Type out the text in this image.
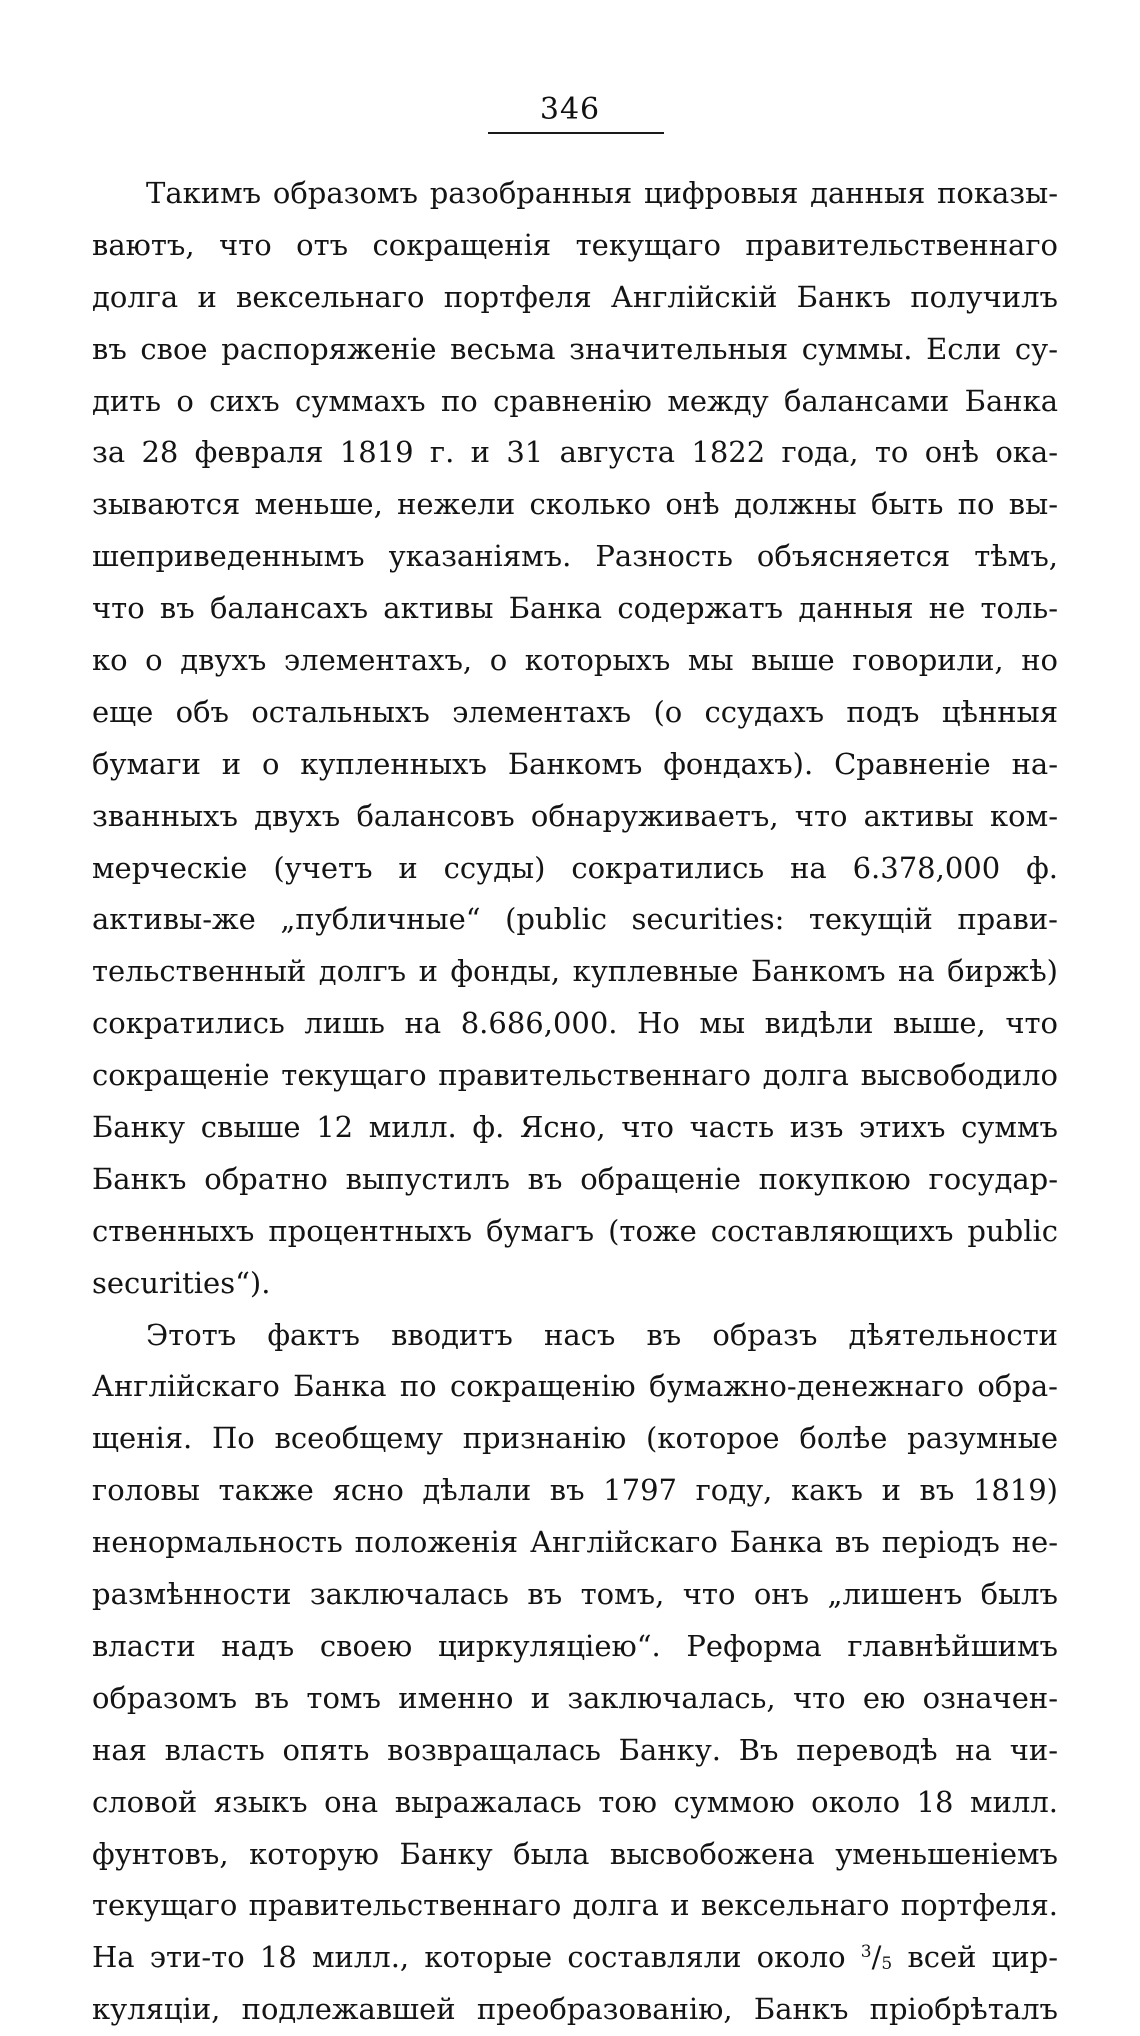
346
Такимъ образомъ разобранныя цифровыя данныя показы-
ваютъ, что отъ сокращенія текущаго правительственнаго
долга и вексельнаго портфеля Англійскій Банкъ получилъ
въ свое распоряженіе весьма значительныя суммы. Если су-
дить о сихъ суммахъ по сравненію между балансами Банка
за 28 февраля 1819 г. и 31 августа 1822 года, то онѣ ока-
зываются меньше, нежели сколько онѣ должны быть по вы-
шеприведеннымъ указаніямъ. Разность объясняется тѣмъ,
что въ балансахъ активы Банка содержатъ данныя не толь-
ко о двухъ элементахъ, о которыхъ мы выше говорили, но
еще объ остальныхъ элементахъ (о ссудахъ подъ цѣнныя
бумаги и о купленныхъ Банкомъ фондахъ). Сравненіе на-
званныхъ двухъ балансовъ обнаруживаетъ, что активы ком-
мерческіе (учетъ и ссуды) сократились на 6.378,000 ф.
активы-же „публичные“ (public securities: текущій прави-
тельственный долгъ и фонды, куплевные Банкомъ на биржѣ)
сократились лишь на 8.686,000. Но мы видѣли выше, что
сокращеніе текущаго правительственнаго долга высвободило
Банку свыше 12 милл. ф. Ясно, что часть изъ этихъ суммъ
Банкъ обратно выпустилъ въ обращеніе покупкою государ-
ственныхъ процентныхъ бумагъ (тоже составляющихъ public
securities“).
Этотъ фактъ вводитъ насъ въ образъ дѣятельности
Англійскаго Банка по сокращенію бумажно-денежнаго обра-
щенія. По всеобщему признанію (которое болѣе разумные
головы также ясно дѣлали въ 1797 году, какъ и въ 1819)
ненормальность положенія Англійскаго Банка въ періодъ не-
размѣнности заключалась въ томъ, что онъ „лишенъ былъ
власти надъ своею циркуляціею“. Реформа главнѣйшимъ
образомъ въ томъ именно и заключалась, что ею означен-
ная власть опять возвращалась Банку. Въ переводѣ на чи-
словой языкъ она выражалась тою суммою около 18 милл.
фунтовъ, которую Банку была высвобожена уменьшеніемъ
текущаго правительственнаго долга и вексельнаго портфеля.
На эти-то 18 милл., которые составляли около $^3/_5$ всей цир-
куляціи, подлежавшей преобразованію, Банкъ пріобрѣталъ
